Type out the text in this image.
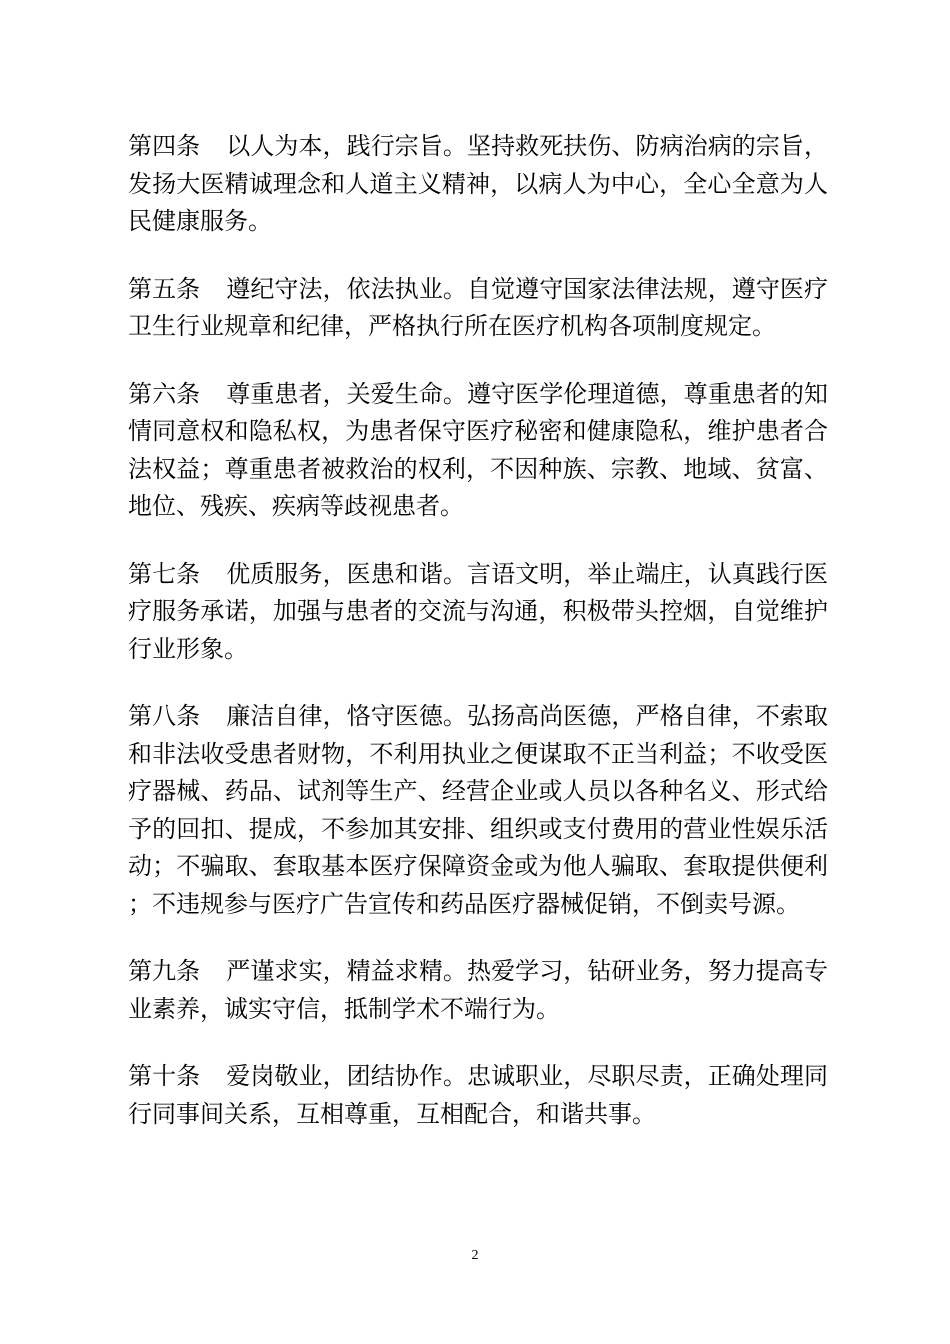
第四条 以人为本，践行宗旨。坚持救死扶伤、防病治病的宗旨，发扬大医精诚理念和人道主义精神，以病人为中心，全心全意为人民健康服务。

第五条 遵纪守法，依法执业。自觉遵守国家法律法规，遵守医疗卫生行业规章和纪律，严格执行所在医疗机构各项制度规定。

第六条 尊重患者，关爱生命。遵守医学伦理道德，尊重患者的知情同意权和隐私权，为患者保守医疗秘密和健康隐私，维护患者合法权益；尊重患者被救治的权利，不因种族、宗教、地域、贫富、地位、残疾、疾病等歧视患者。

第七条 优质服务，医患和谐。言语文明，举止端庄，认真践行医疗服务承诺，加强与患者的交流与沟通，积极带头控烟，自觉维护行业形象。

第八条 廉洁自律，恪守医德。弘扬高尚医德，严格自律，不索取和非法收受患者财物，不利用执业之便谋取不正当利益；不收受医疗器械、药品、试剂等生产、经营企业或人员以各种名义、形式给予的回扣、提成，不参加其安排、组织或支付费用的营业性娱乐活动；不骗取、套取基本医疗保障资金或为他人骗取、套取提供便利；不违规参与医疗广告宣传和药品医疗器械促销，不倒卖号源。

第九条 严谨求实，精益求精。热爱学习，钻研业务，努力提高专业素养，诚实守信，抵制学术不端行为。

第十条 爱岗敬业，团结协作。忠诚职业，尽职尽责，正确处理同行同事间关系，互相尊重，互相配合，和谐共事。

2
